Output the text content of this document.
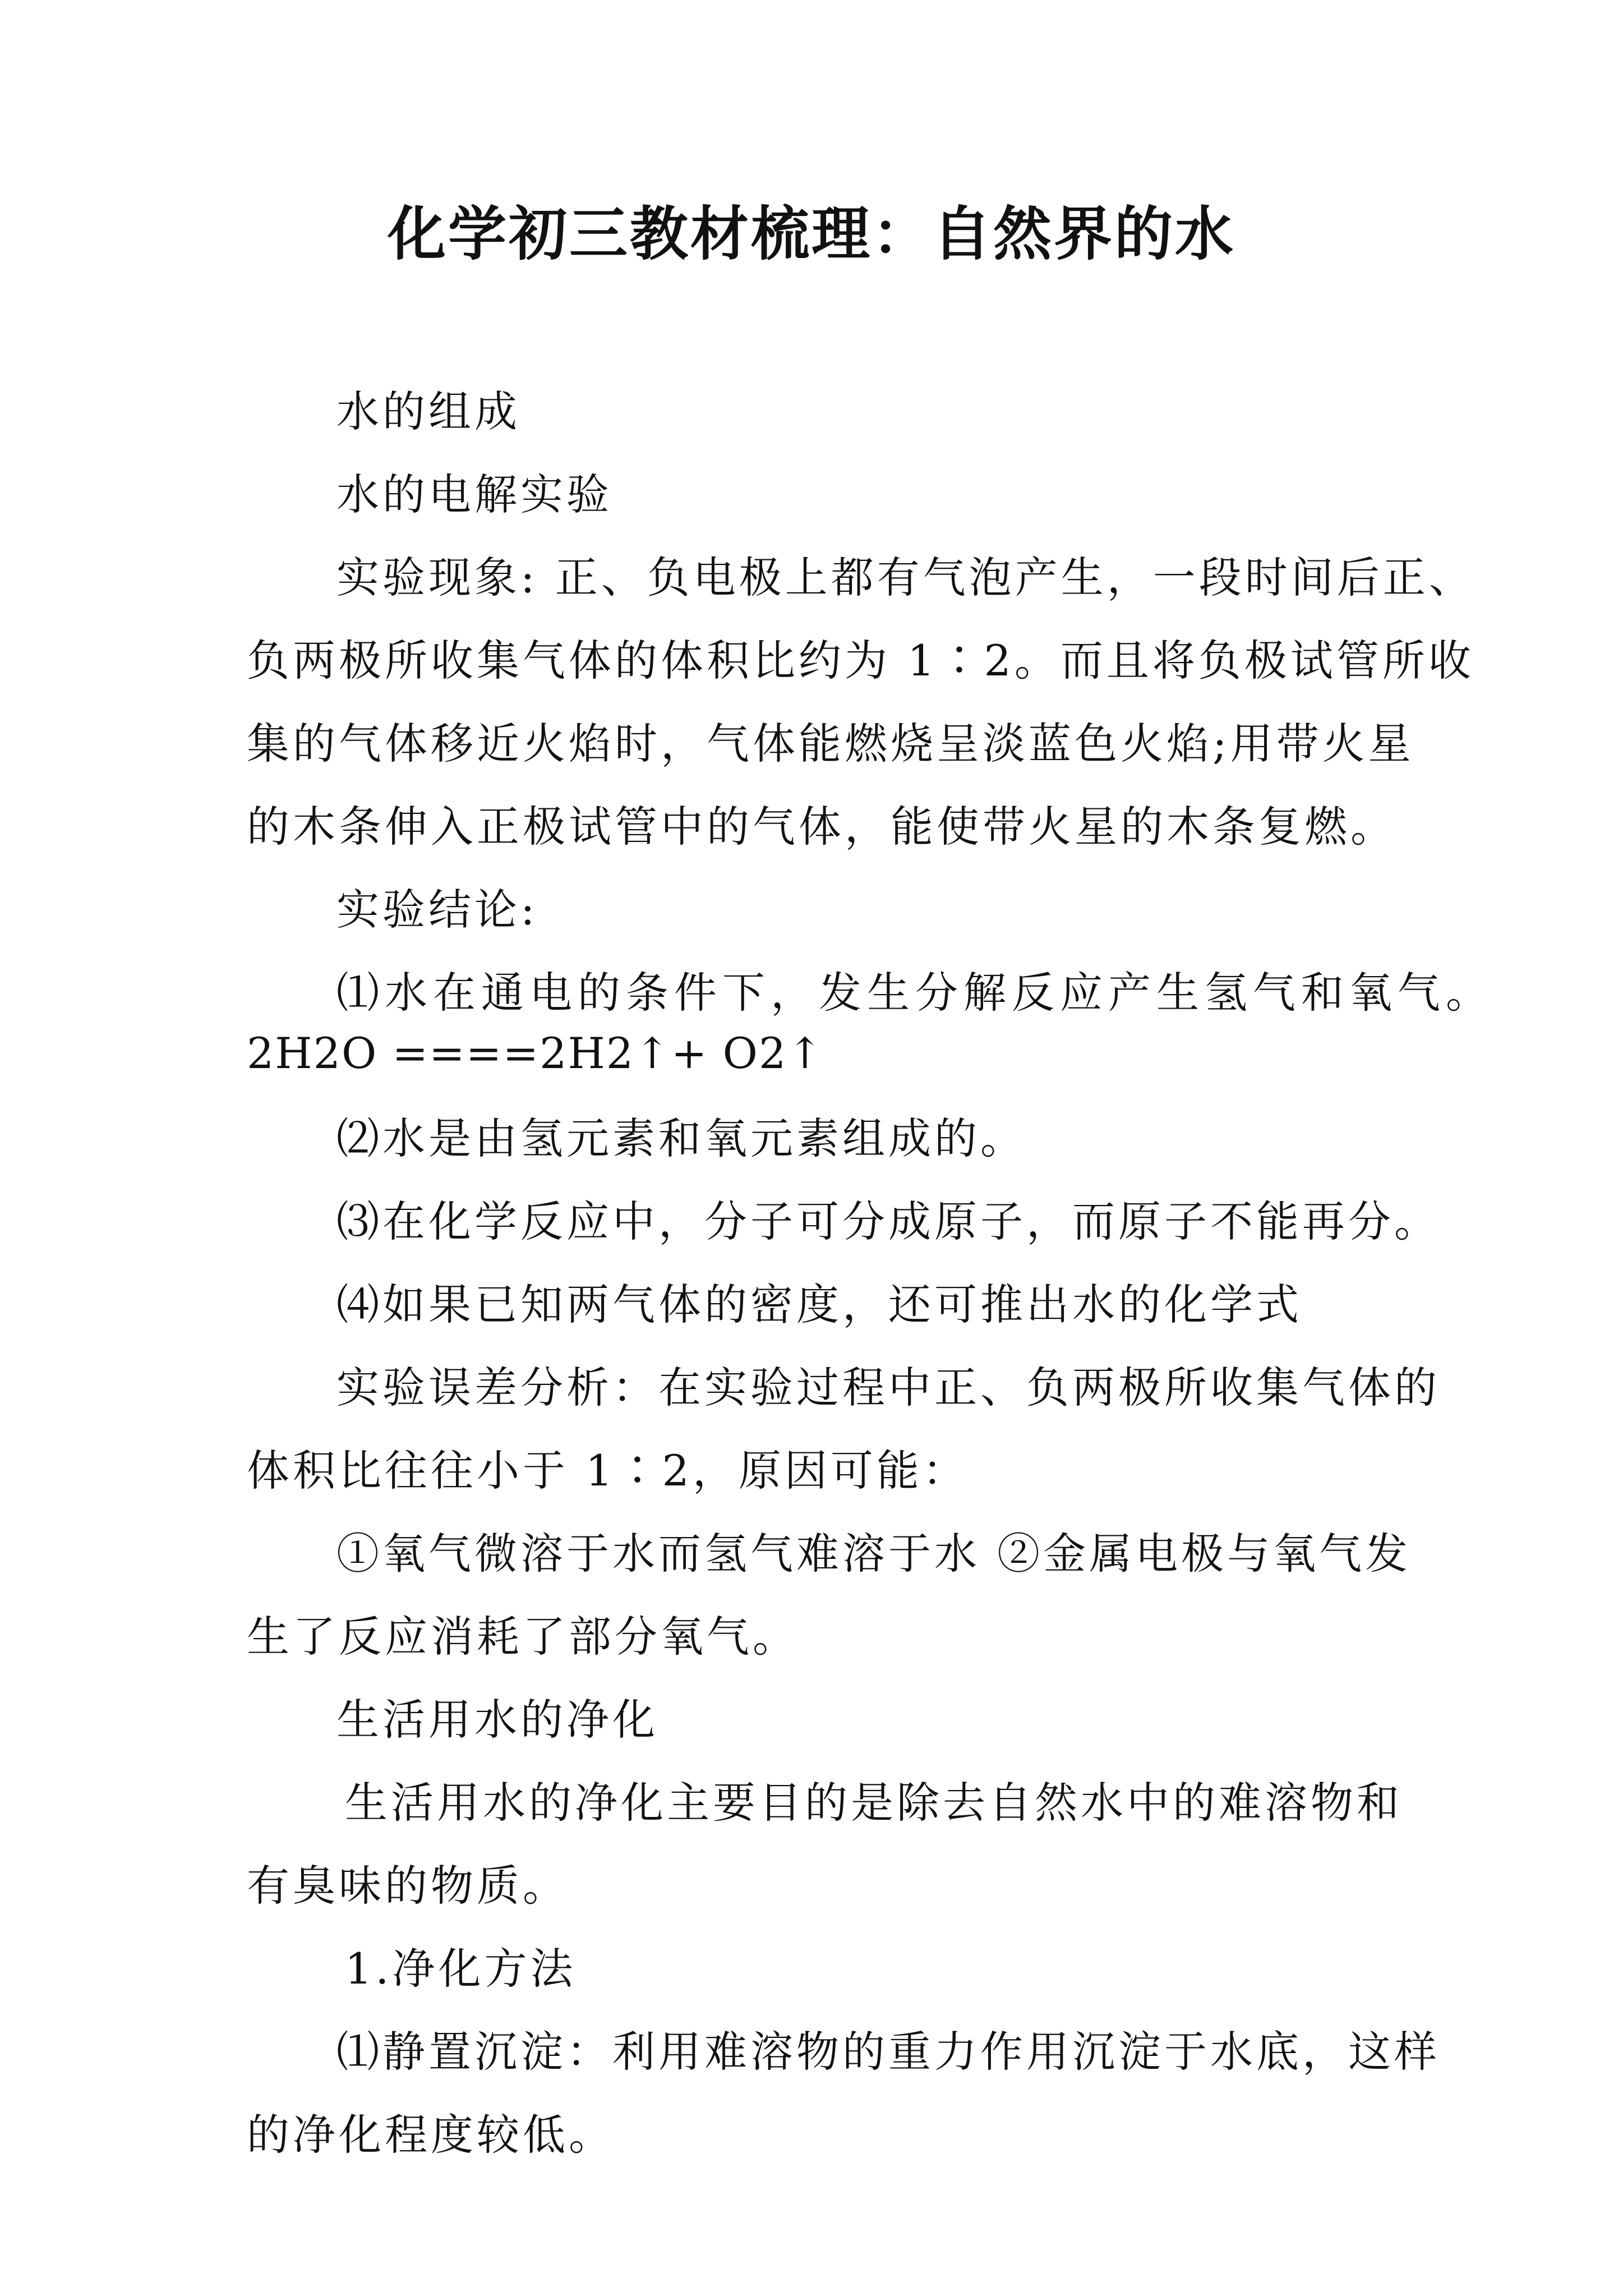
化学初三教材梳理：自然界的水
水的组成
水的电解实验
实验现象: 正、负电极上都有气泡产生，一段时间后正、
负两极所收集气体的体积比约为 1∶2。而且将负极试管所收
集的气体移近火焰时，气体能燃烧呈淡蓝色火焰;用带火星
的木条伸入正极试管中的气体，能使带火星的木条复燃。
实验结论:
⑴水在通电的条件下，发生分解反应产生氢气和氧气。
2H2O ====2H2↑+ O2↑
⑵水是由氢元素和氧元素组成的。
⑶在化学反应中，分子可分成原子，而原子不能再分。
⑷如果已知两气体的密度，还可推出水的化学式
实验误差分析：在实验过程中正、负两极所收集气体的
体积比往往小于 1∶2，原因可能：
①氧气微溶于水而氢气难溶于水 ②金属电极与氧气发
生了反应消耗了部分氧气。
生活用水的净化
生活用水的净化主要目的是除去自然水中的难溶物和
有臭味的物质。
1.净化方法
⑴静置沉淀：利用难溶物的重力作用沉淀于水底，这样
的净化程度较低。
